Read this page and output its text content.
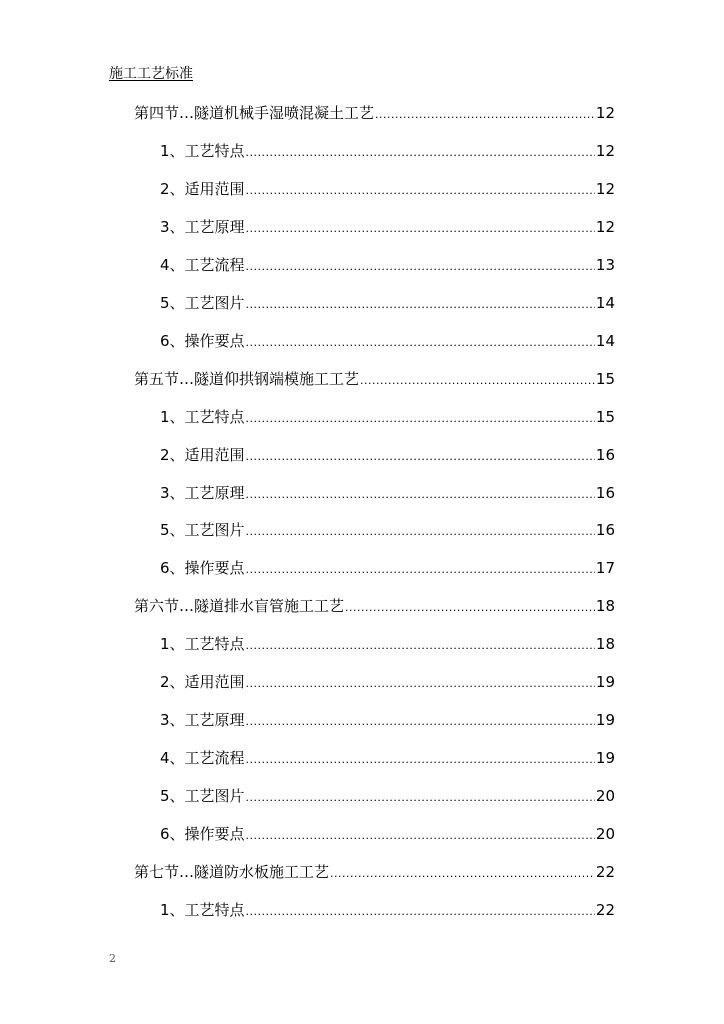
施工工艺标准
第四节…隧道机械手湿喷混凝土工艺 .....	12
1、工艺特点 .....	12
2、适用范围 .....	12
3、工艺原理 .....	12
4、工艺流程 .....	13
5、工艺图片 .....	14
6、操作要点 .....	14
第五节…隧道仰拱钢端模施工工艺 .....	15
1、工艺特点 .....	15
2、适用范围 .....	16
3、工艺原理 .....	16
5、工艺图片 .....	16
6、操作要点 .....	17
第六节…隧道排水盲管施工工艺 .....	18
1、工艺特点 .....	18
2、适用范围 .....	19
3、工艺原理 .....	19
4、工艺流程 .....	19
5、工艺图片 .....	20
6、操作要点 .....	20
第七节…隧道防水板施工工艺 .....	22
1、工艺特点 .....	22
2
